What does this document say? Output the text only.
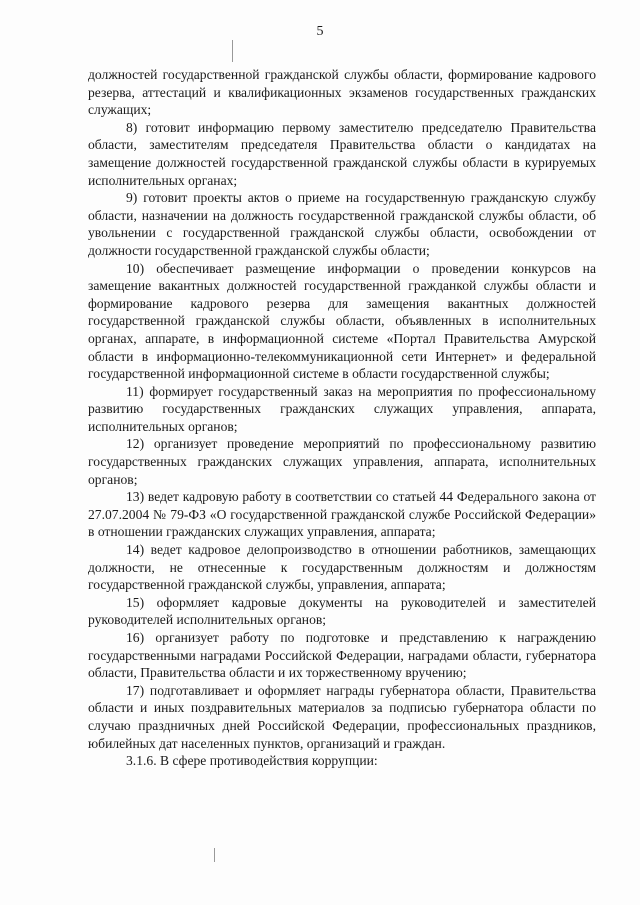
5

должностей государственной гражданской службы области, формирование кадрового резерва, аттестаций и квалификационных экзаменов государственных гражданских служащих;

8) готовит информацию первому заместителю председателю Правительства области, заместителям председателя Правительства области о кандидатах на замещение должностей государственной гражданской службы области в курируемых исполнительных органах;

9) готовит проекты актов о приеме на государственную гражданскую службу области, назначении на должность государственной гражданской службы области, об увольнении с государственной гражданской службы области, освобождении от должности государственной гражданской службы области;

10) обеспечивает размещение информации о проведении конкурсов на замещение вакантных должностей государственной гражданкой службы области и формирование кадрового резерва для замещения вакантных должностей государственной гражданской службы области, объявленных в исполнительных органах, аппарате, в информационной системе «Портал Правительства Амурской области в информационно-телекоммуникационной сети Интернет» и федеральной государственной информационной системе в области государственной службы;

11) формирует государственный заказ на мероприятия по профессиональному развитию государственных гражданских служащих управления, аппарата, исполнительных органов;

12) организует проведение мероприятий по профессиональному развитию государственных гражданских служащих управления, аппарата, исполнительных органов;

13) ведет кадровую работу в соответствии со статьей 44 Федерального закона от 27.07.2004 № 79-ФЗ «О государственной гражданской службе Российской Федерации» в отношении гражданских служащих управления, аппарата;

14) ведет кадровое делопроизводство в отношении работников, замещающих должности, не отнесенные к государственным должностям и должностям государственной гражданской службы, управления, аппарата;

15) оформляет кадровые документы на руководителей и заместителей руководителей исполнительных органов;

16) организует работу по подготовке и представлению к награждению государственными наградами Российской Федерации, наградами области, губернатора области, Правительства области и их торжественному вручению;

17) подготавливает и оформляет награды губернатора области, Правительства области и иных поздравительных материалов за подписью губернатора области по случаю праздничных дней Российской Федерации, профессиональных праздников, юбилейных дат населенных пунктов, организаций и граждан.

3.1.6. В сфере противодействия коррупции:
